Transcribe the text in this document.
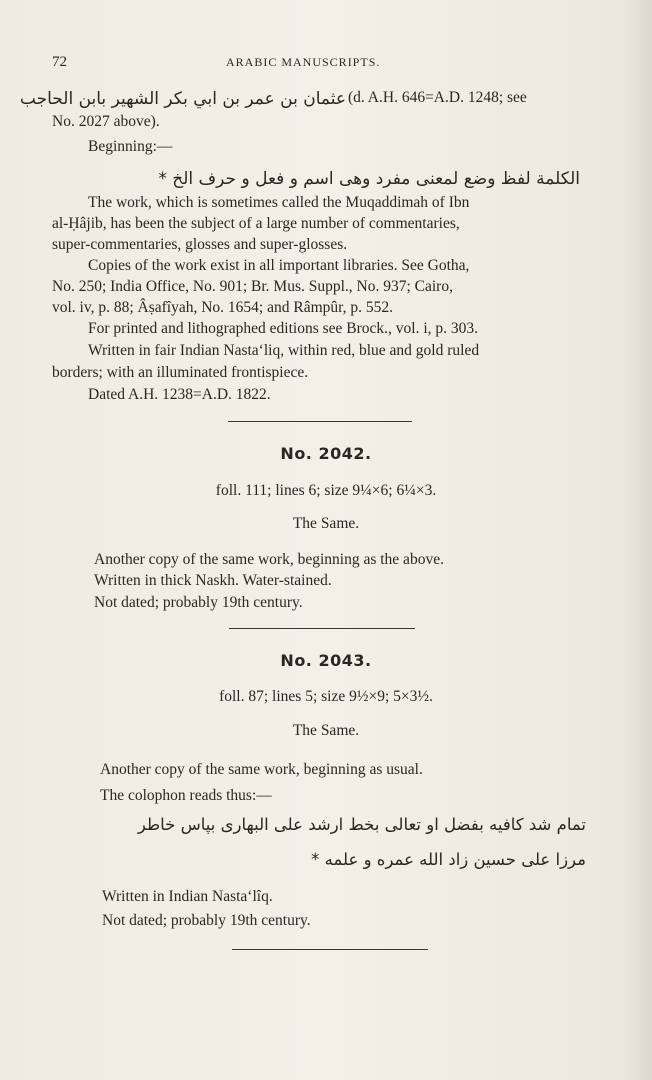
72	ARABIC MANUSCRIPTS.
عثمان بن عمر بن ابي بكر الشهير بابن الحاجب (d. A.H. 646=A.D. 1248; see
No. 2027 above).
Beginning:—
الكلمة لفظ وضع لمعنى مفرد وهى اسم و فعل و حرف الخ *
The work, which is sometimes called the Muqaddimah of Ibn
al-Ḥâjib, has been the subject of a large number of commentaries,
super-commentaries, glosses and super-glosses.
Copies of the work exist in all important libraries. See Gotha,
No. 250; India Office, No. 901; Br. Mus. Suppl., No. 937; Cairo,
vol. iv, p. 88; Âṣafîyah, No. 1654; and Râmpûr, p. 552.
For printed and lithographed editions see Brock., vol. i, p. 303.
Written in fair Indian Nasta‘liq, within red, blue and gold ruled
borders; with an illuminated frontispiece.
Dated A.H. 1238=A.D. 1822.
No. 2042.
foll. 111; lines 6; size 9¼×6; 6¼×3.
The Same.
Another copy of the same work, beginning as the above.
Written in thick Naskh. Water-stained.
Not dated; probably 19th century.
No. 2043.
foll. 87; lines 5; size 9½×9; 5×3½.
The Same.
Another copy of the same work, beginning as usual.
The colophon reads thus:—
تمام شد كافيه بفضل او تعالى بخط ارشد على البهارى بپاس خاطر
مرزا على حسين زاد الله عمره و علمه *
Written in Indian Nasta‘lîq.
Not dated; probably 19th century.
